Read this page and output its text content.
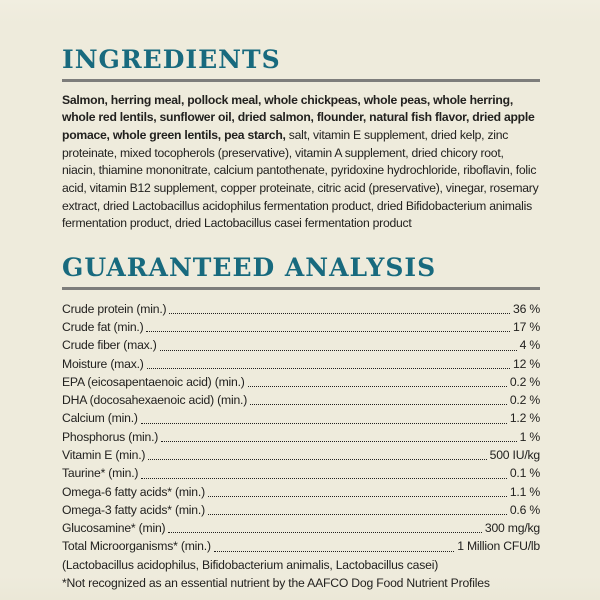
INGREDIENTS

Salmon, herring meal, pollock meal, whole chickpeas, whole peas, whole herring, whole red lentils, sunflower oil, dried salmon, flounder, natural fish flavor, dried apple pomace, whole green lentils, pea starch, salt, vitamin E supplement, dried kelp, zinc proteinate, mixed tocopherols (preservative), vitamin A supplement, dried chicory root, niacin, thiamine mononitrate, calcium pantothenate, pyridoxine hydrochloride, riboflavin, folic acid, vitamin B12 supplement, copper proteinate, citric acid (preservative), vinegar, rosemary extract, dried Lactobacillus acidophilus fermentation product, dried Bifidobacterium animalis fermentation product, dried Lactobacillus casei fermentation product

GUARANTEED ANALYSIS
Crude protein (min.)	36 %
Crude fat (min.)	17 %
Crude fiber (max.)	4 %
Moisture (max.)	12 %
EPA (eicosapentaenoic acid) (min.)	0.2 %
DHA (docosahexaenoic acid) (min.)	0.2 %
Calcium (min.)	1.2 %
Phosphorus (min.)	1 %
Vitamin E (min.)	500 IU/kg
Taurine* (min.)	0.1 %
Omega-6 fatty acids* (min.)	1.1 %
Omega-3 fatty acids* (min.)	0.6 %
Glucosamine* (min)	300 mg/kg
Total Microorganisms* (min.)	1 Million CFU/lb

(Lactobacillus acidophilus, Bifidobacterium animalis, Lactobacillus casei)

*Not recognized as an essential nutrient by the AAFCO Dog Food Nutrient Profiles
